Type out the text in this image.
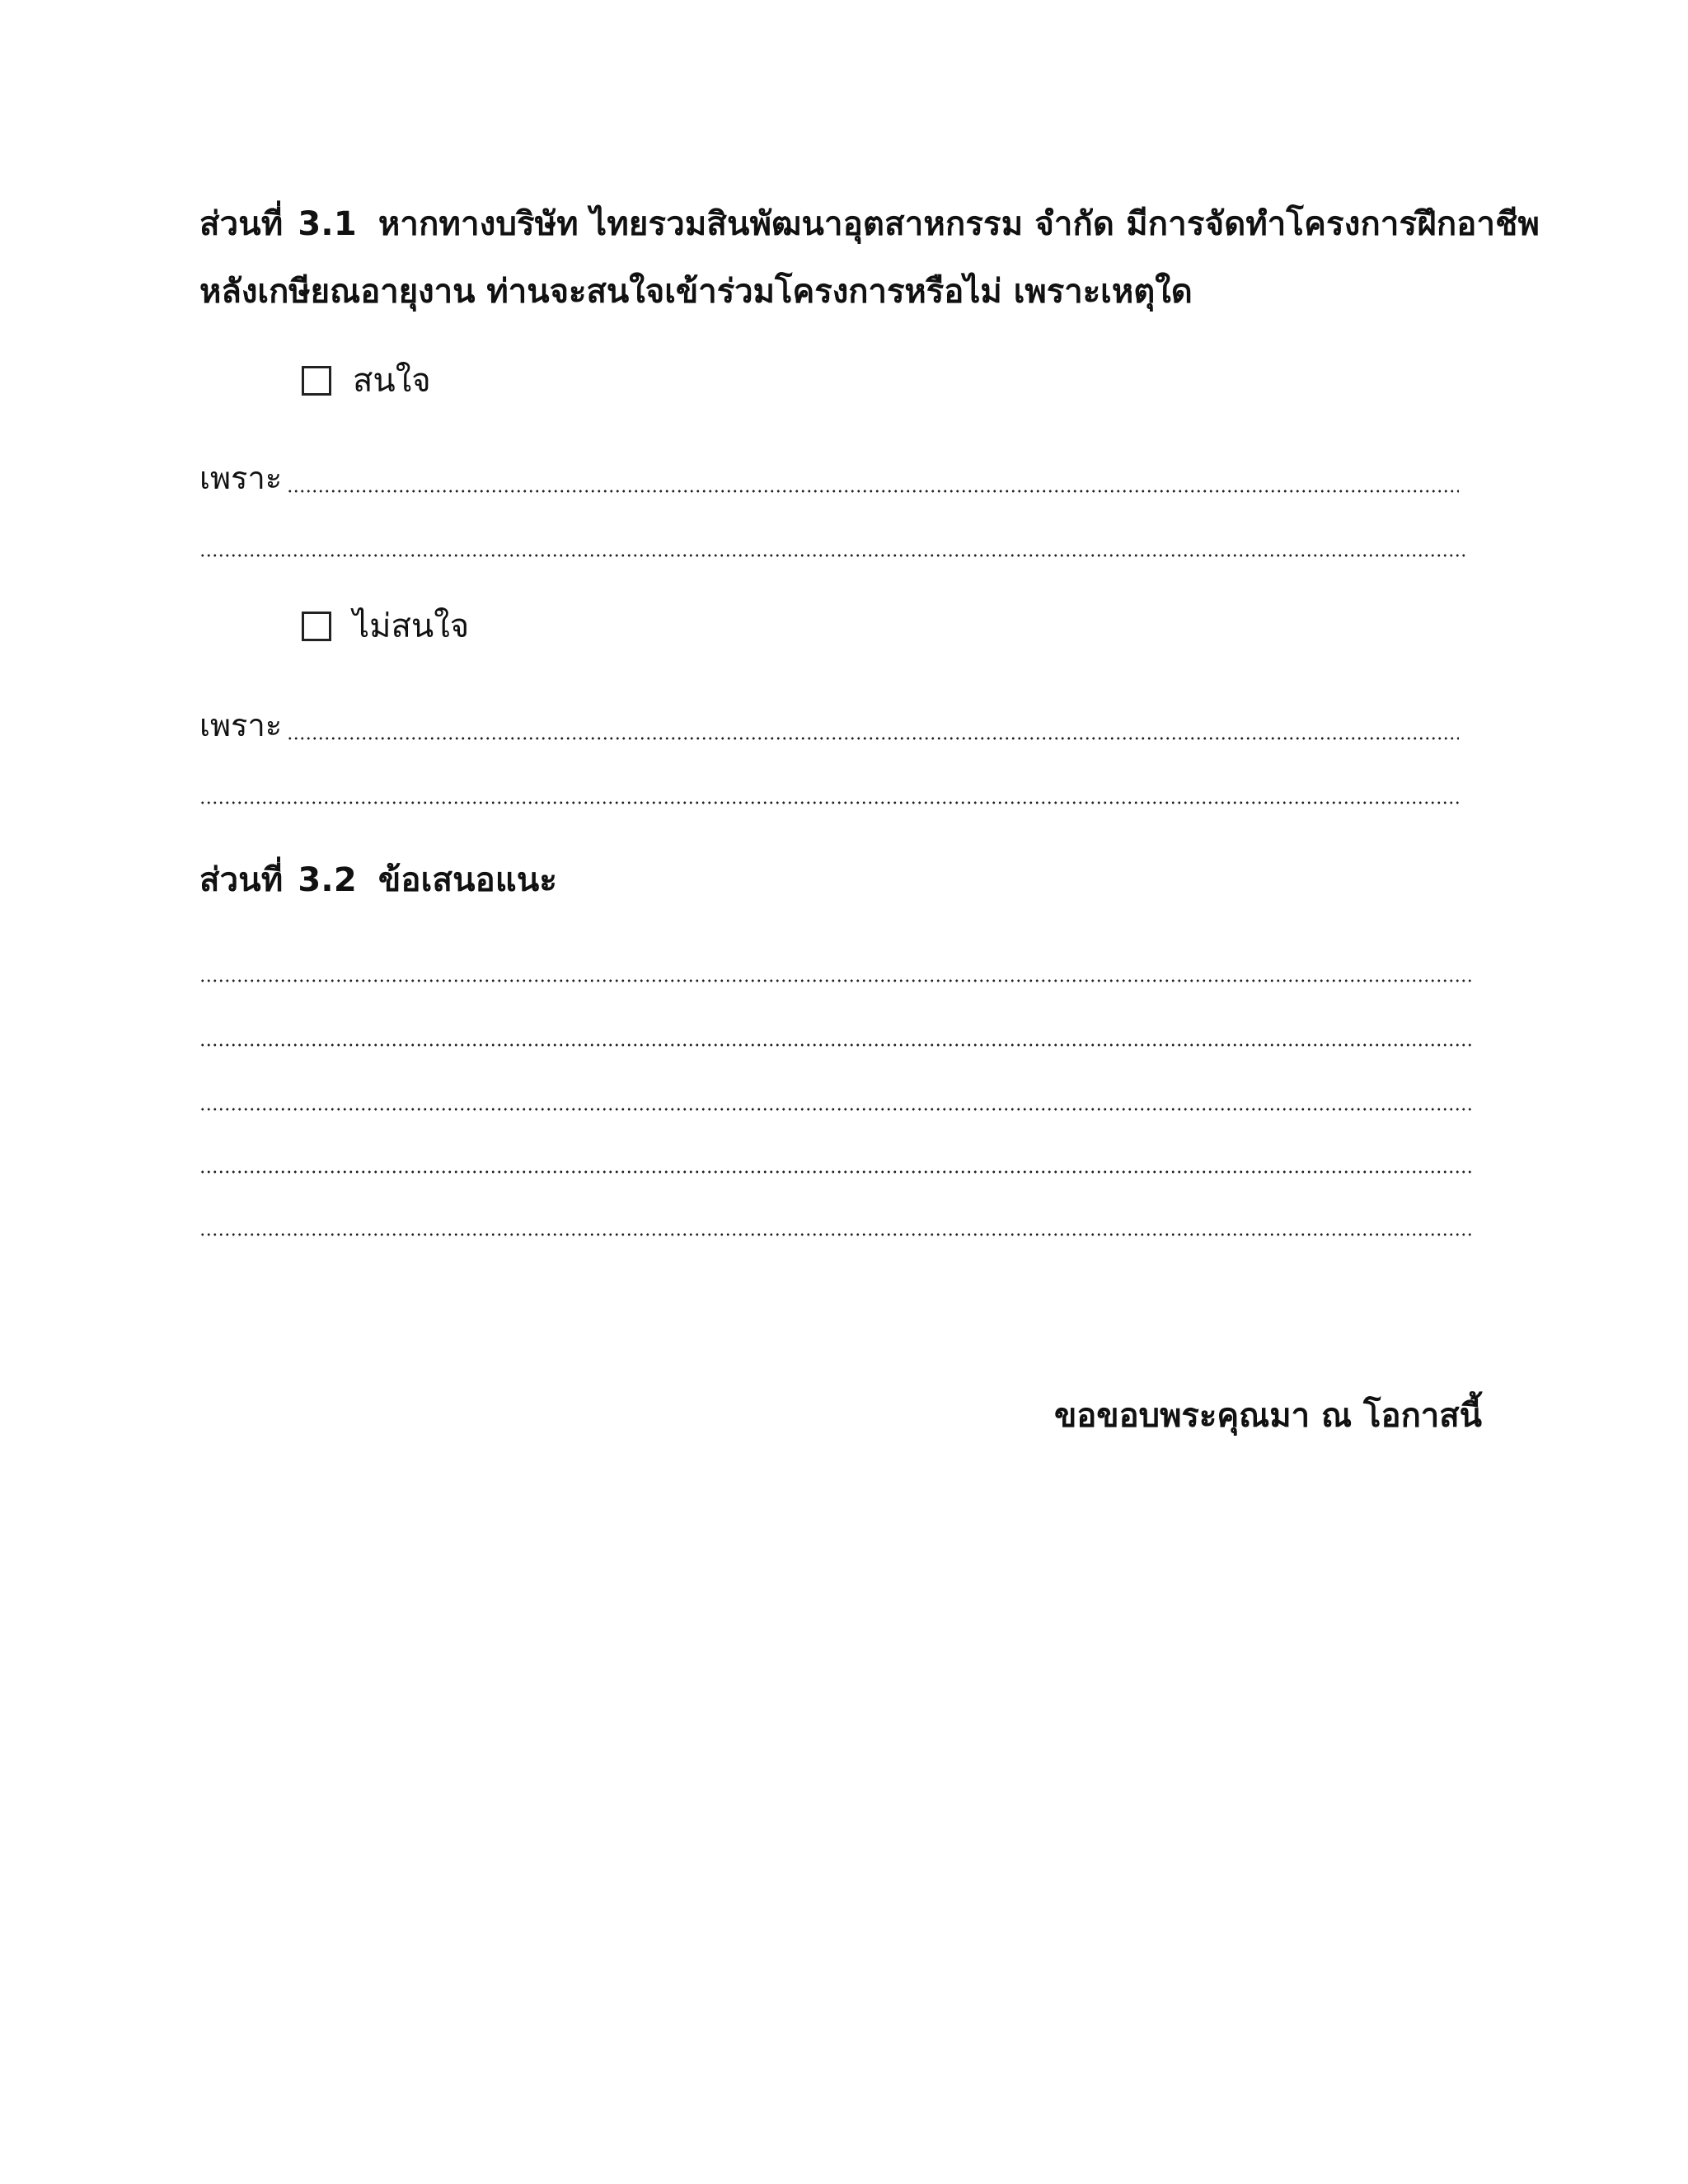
ส่วนที่ 3.1 หากทางบริษัท ไทยรวมสินพัฒนาอุตสาหกรรม จำกัด มีการจัดทำโครงการฝึกอาชีพ
หลังเกษียณอายุงาน ท่านจะสนใจเข้าร่วมโครงการหรือไม่ เพราะเหตุใด
สนใจ
เพราะ
ไม่สนใจ
เพราะ
ส่วนที่ 3.2 ข้อเสนอแนะ
ขอขอบพระคุณมา ณ โอกาสนี้
